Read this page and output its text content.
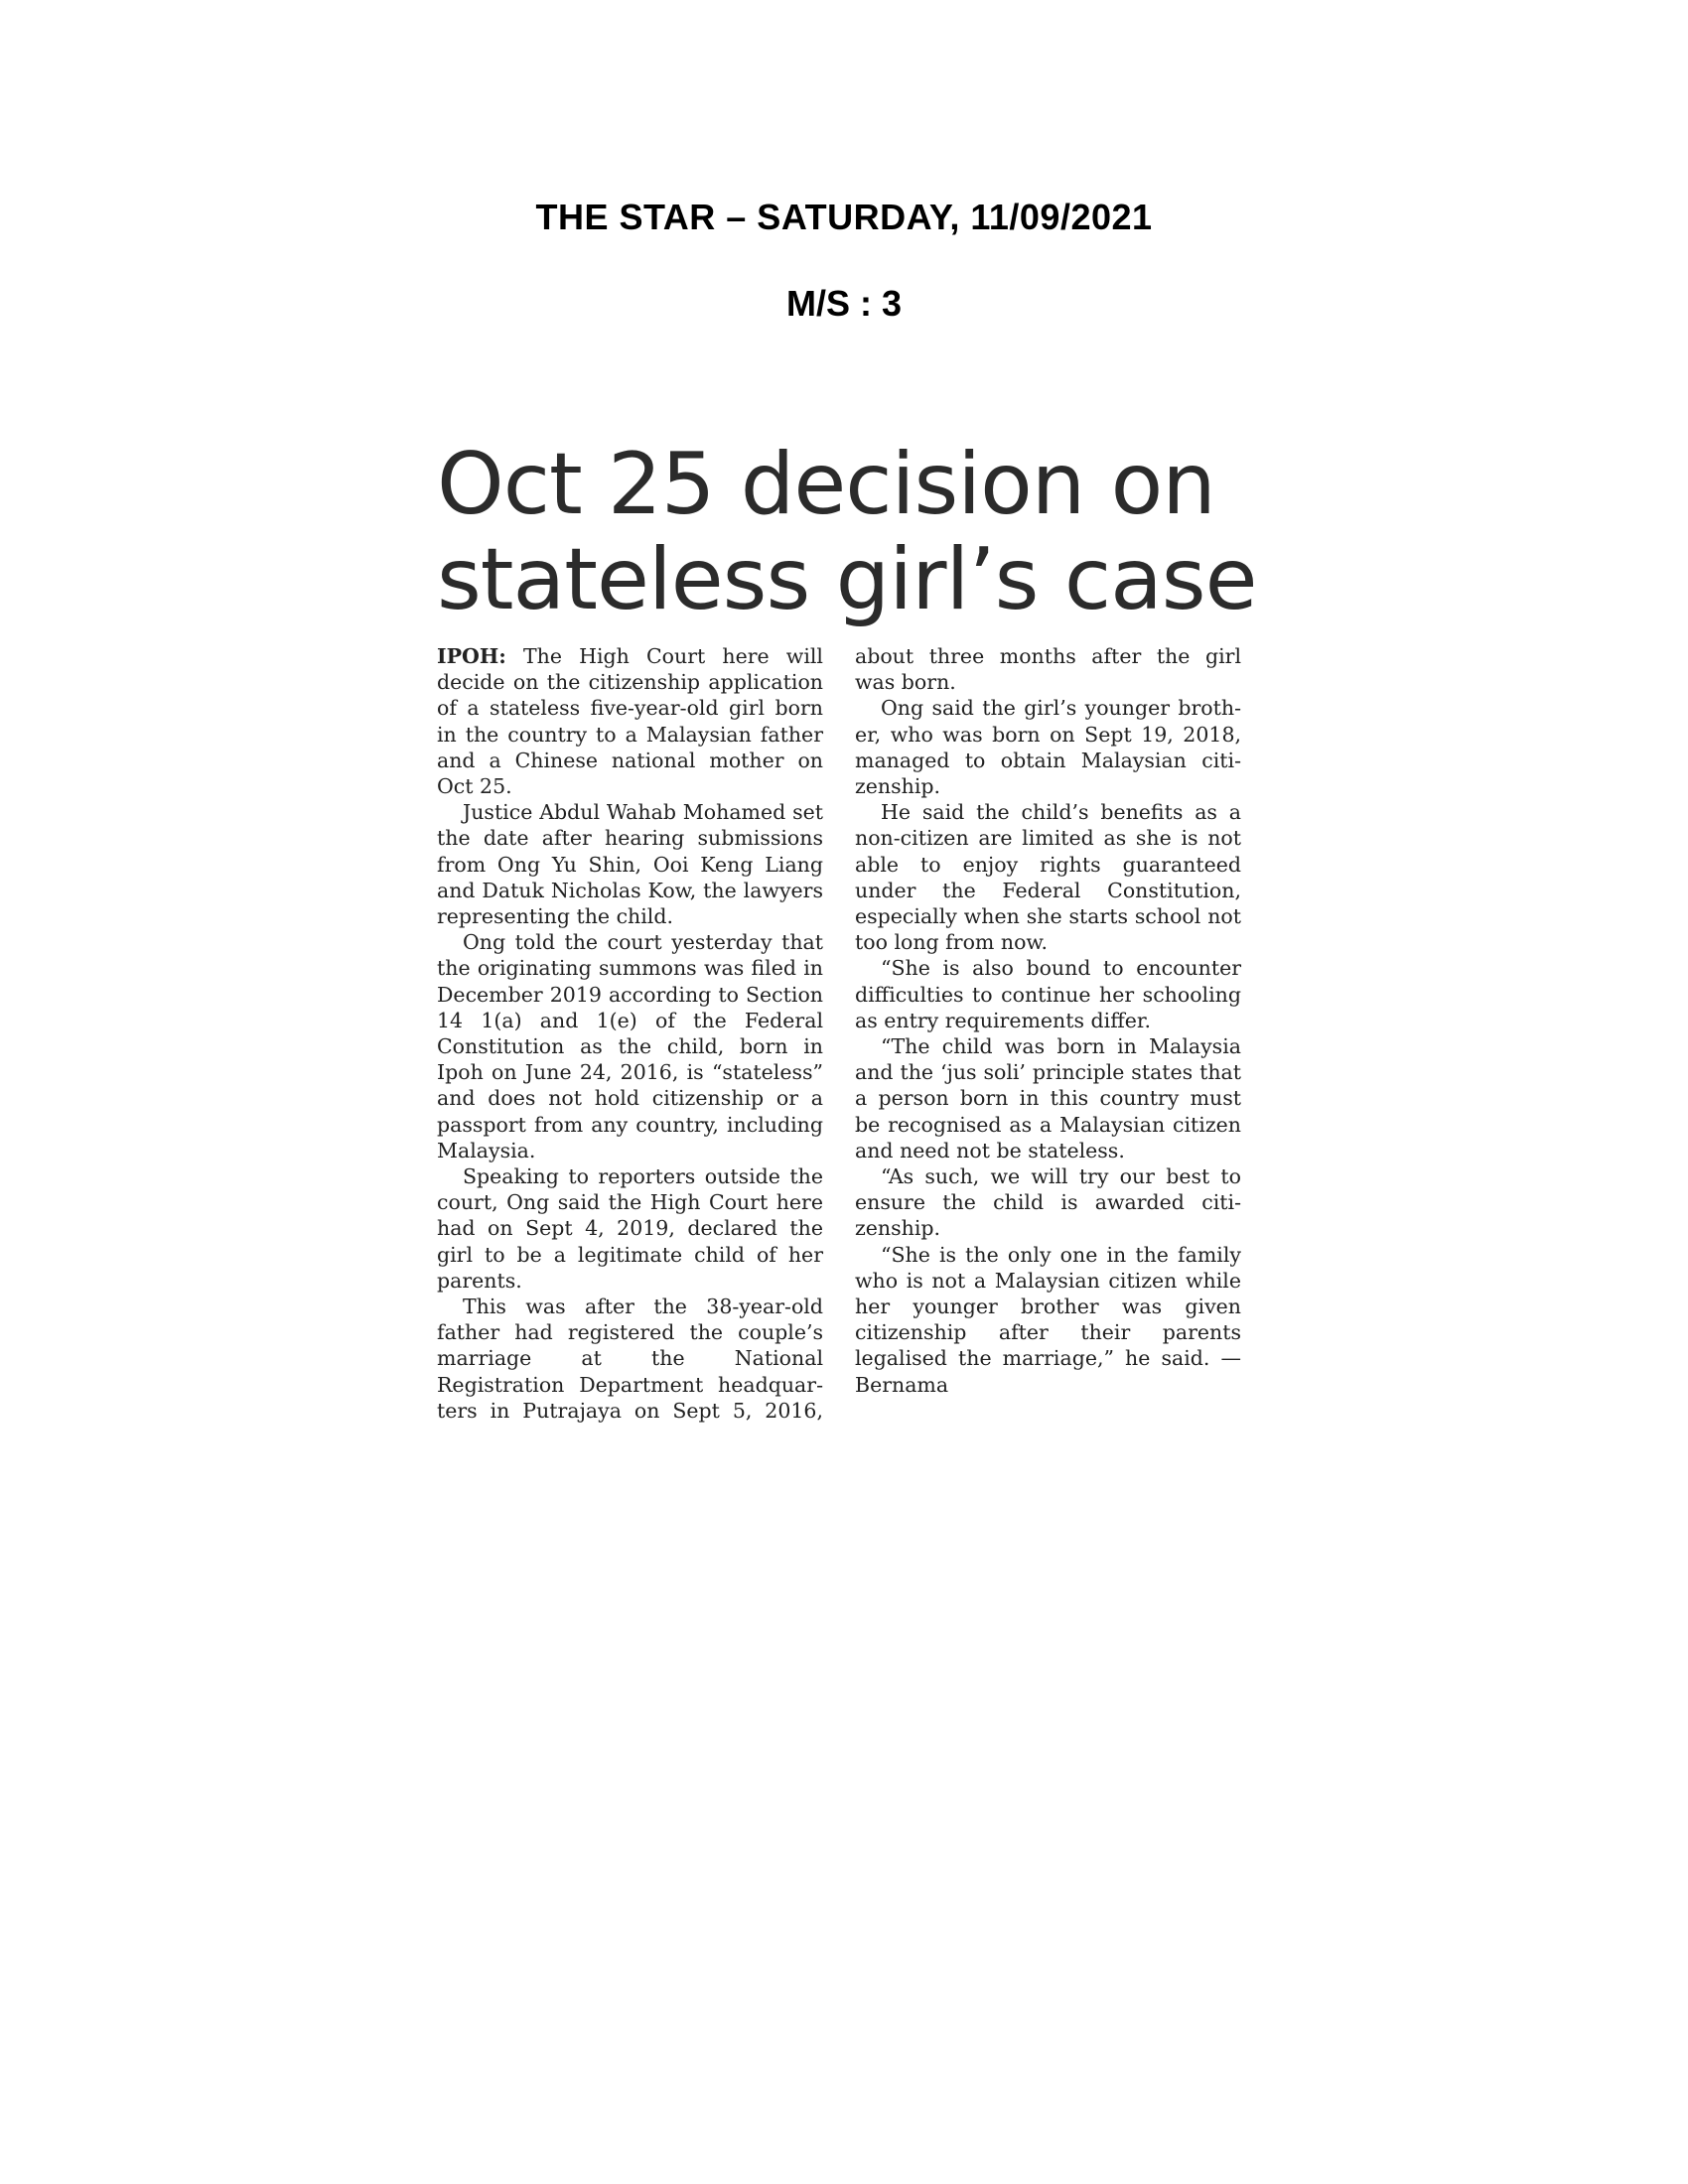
THE STAR – SATURDAY, 11/09/2021
M/S : 3
Oct 25 decision on
stateless girl’s case

IPOH: The High Court here will decide on the citizenship application of a stateless five-year-old girl born in the country to a Malaysian father and a Chinese national mother on Oct 25.

Justice Abdul Wahab Mohamed set the date after hearing submissions from Ong Yu Shin, Ooi Keng Liang and Datuk Nicholas Kow, the lawyers representing the child.

Ong told the court yesterday that the originating summons was filed in December 2019 according to Section 14 1(a) and 1(e) of the Federal Constitution as the child, born in Ipoh on June 24, 2016, is “stateless” and does not hold citizenship or a passport from any country, including Malaysia.

Speaking to reporters outside the court, Ong said the High Court here had on Sept 4, 2019, declared the girl to be a legitimate child of her parents.

This was after the 38-year-old father had registered the couple’s marriage at the National Registration Department headquarters in Putrajaya on Sept 5, 2016, about three months after the girl was born.

Ong said the girl’s younger brother, who was born on Sept 19, 2018, managed to obtain Malaysian citizenship.

He said the child’s benefits as a non-citizen are limited as she is not able to enjoy rights guaranteed under the Federal Constitution, especially when she starts school not too long from now.

“She is also bound to encounter difficulties to continue her schooling as entry requirements differ.

“The child was born in Malaysia and the ‘jus soli’ principle states that a person born in this country must be recognised as a Malaysian citizen and need not be stateless.

“As such, we will try our best to ensure the child is awarded citizenship.

“She is the only one in the family who is not a Malaysian citizen while her younger brother was given citizenship after their parents legalised the marriage,” he said. — Bernama
